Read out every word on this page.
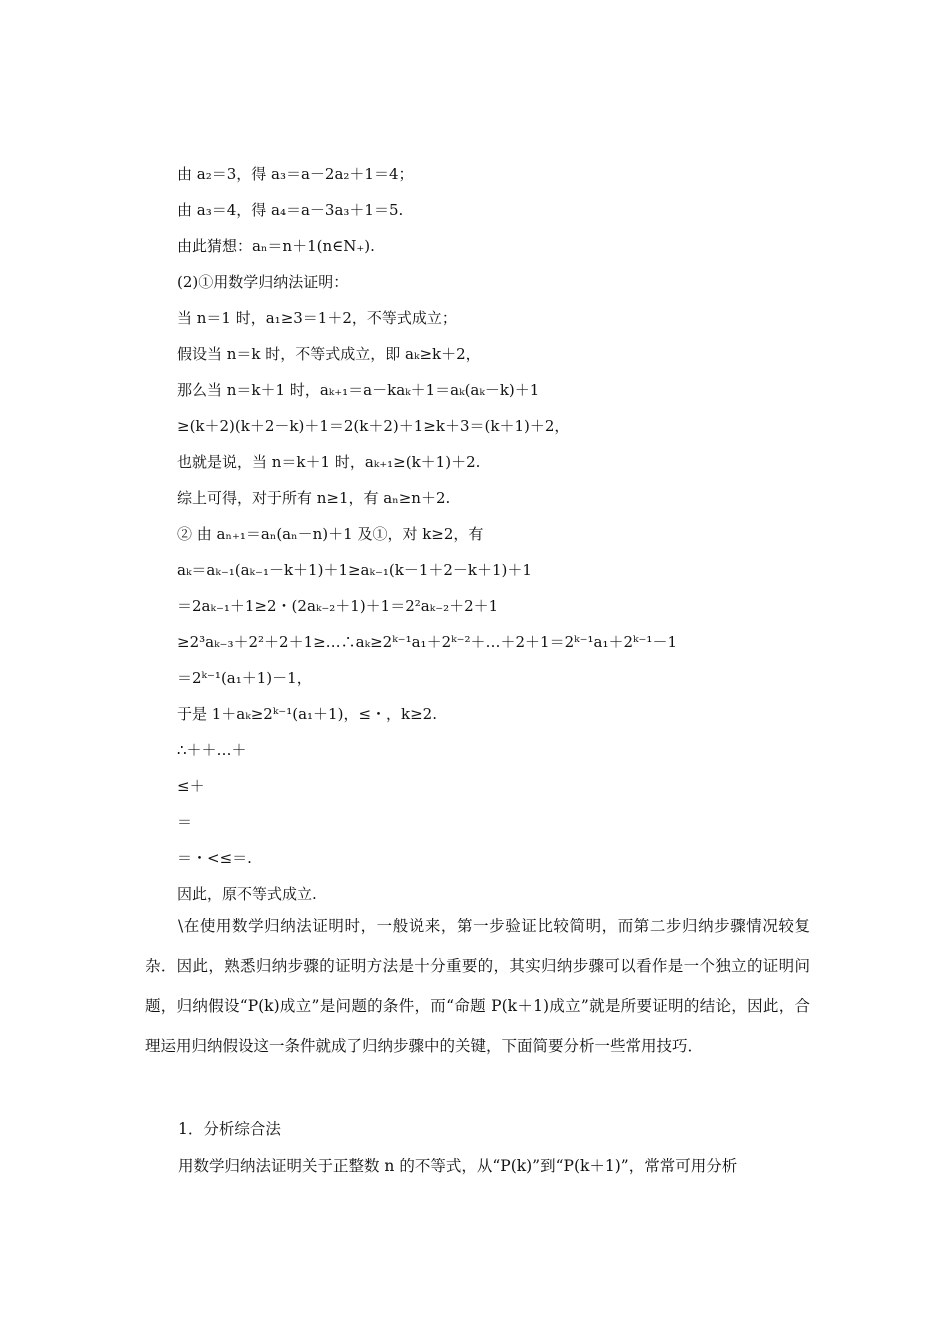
由 a₂＝3，得 a₃＝a－2a₂＋1＝4；
由 a₃＝4，得 a₄＝a－3a₃＋1＝5.
由此猜想：aₙ＝n＋1(n∈N₊).
(2)①用数学归纳法证明：
当 n＝1 时，a₁≥3＝1＋2，不等式成立；
假设当 n＝k 时，不等式成立，即 aₖ≥k＋2，
那么当 n＝k＋1 时，aₖ₊₁＝a－kaₖ＋1＝aₖ(aₖ－k)＋1
≥(k＋2)(k＋2－k)＋1＝2(k＋2)＋1≥k＋3＝(k＋1)＋2，
也就是说，当 n＝k＋1 时，aₖ₊₁≥(k＋1)＋2.
综上可得，对于所有 n≥1，有 aₙ≥n＋2.
② 由 aₙ₊₁＝aₙ(aₙ－n)＋1 及①，对 k≥2，有
aₖ＝aₖ₋₁(aₖ₋₁－k＋1)＋1≥aₖ₋₁(k－1＋2－k＋1)＋1
＝2aₖ₋₁＋1≥2・(2aₖ₋₂＋1)＋1＝2²aₖ₋₂＋2＋1
≥2³aₖ₋₃＋2²＋2＋1≥…∴aₖ≥2ᵏ⁻¹a₁＋2ᵏ⁻²＋…＋2＋1＝2ᵏ⁻¹a₁＋2ᵏ⁻¹－1
＝2ᵏ⁻¹(a₁＋1)－1，
于是 1＋aₖ≥2ᵏ⁻¹(a₁＋1)，≤・，k≥2.
∴＋＋…＋
≤＋
＝
＝・<≤＝.
因此，原不等式成立.
\在使用数学归纳法证明时，一般说来，第一步验证比较简明，而第二步归纳步骤情况较复杂．因此，熟悉归纳步骤的证明方法是十分重要的，其实归纳步骤可以看作是一个独立的证明问题，归纳假设“P(k)成立”是问题的条件，而“命题 P(k＋1)成立”就是所要证明的结论，因此，合理运用归纳假设这一条件就成了归纳步骤中的关键，下面简要分析一些常用技巧．
1．分析综合法
用数学归纳法证明关于正整数 n 的不等式，从“P(k)”到“P(k＋1)”，常常可用分析
